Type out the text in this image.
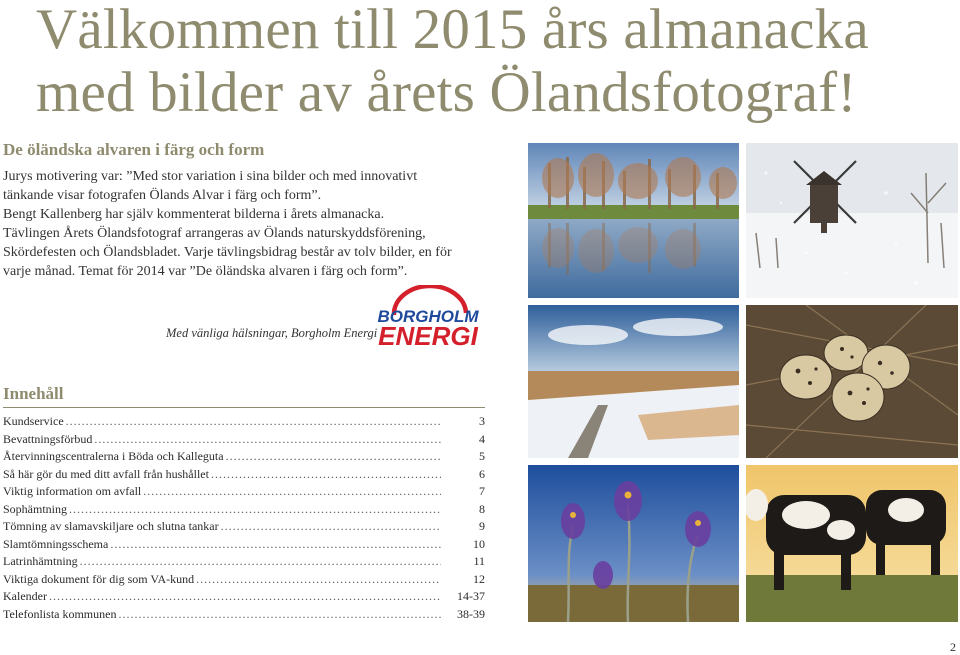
Välkommen till 2015 års almanacka
med bilder av årets Ölandsfotograf!
De öländska alvaren i färg och form

Jurys motivering var: ”Med stor variation i sina bilder och med innovativt

tänkande visar fotografen Ölands Alvar i färg och form”.

Bengt Kallenberg har själv kommenterat bilderna i årets almanacka.

Tävlingen Årets Ölandsfotograf arrangeras av Ölands naturskyddsförening,

Skördefesten och Ölandsbladet. Varje tävlingsbidrag består av tolv bilder, en för

varje månad. Temat för 2014 var ”De öländska alvaren i färg och form”.

Med vänliga hälsningar, Borgholm Energi
BORGHOLM
ENERGI
Innehåll
Kundservice .....	3
Bevattningsförbud .....	4
Återvinningscentralerna i Böda och Kalleguta .....	5
Så här gör du med ditt avfall från hushållet .....	6
Viktig information om avfall .....	7
Sophämtning .....	8
Tömning av slamavskiljare och slutna tankar .....	9
Slamtömningsschema .....	10
Latrinhämtning .....	11
Viktiga dokument för dig som VA-kund .....	12
Kalender .....	14-37
Telefonlista kommunen .....	38-39
2
